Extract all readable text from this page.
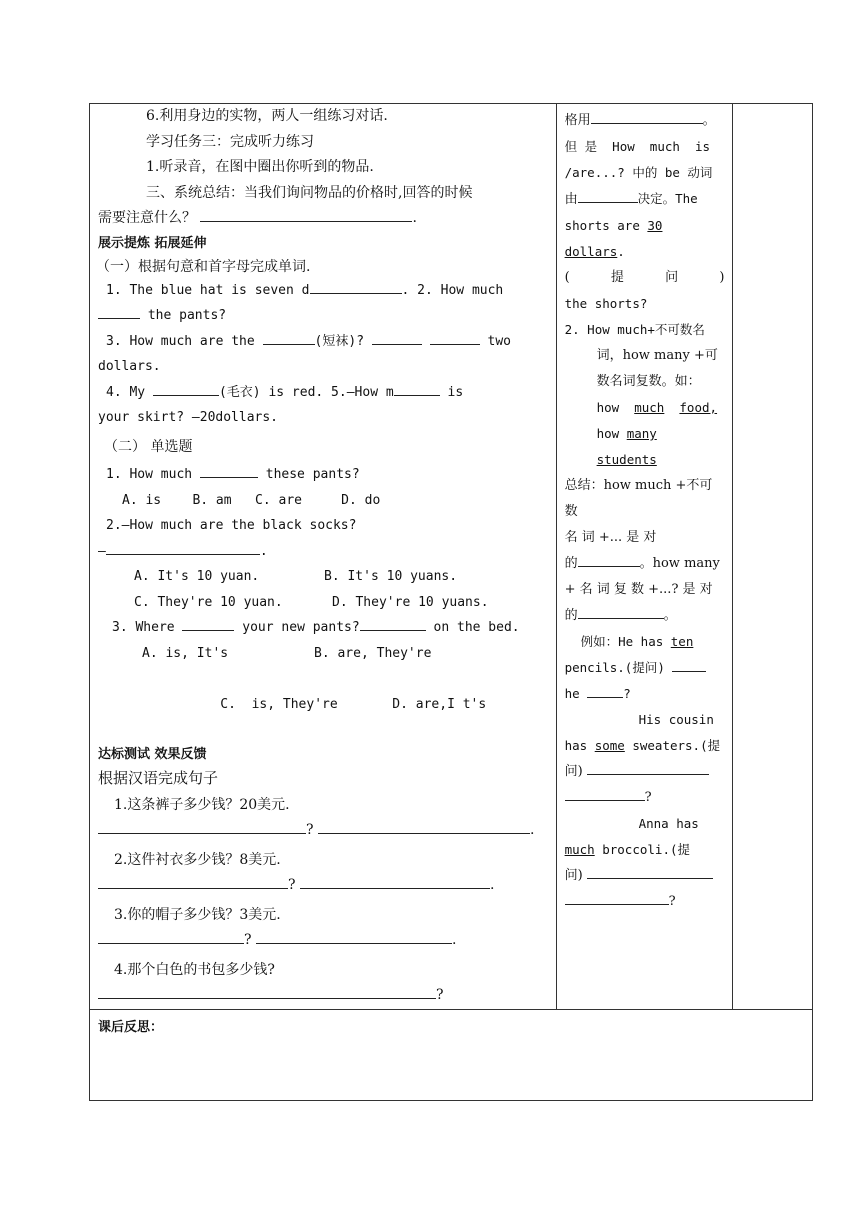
6.利用身边的实物，两人一组练习对话.
学习任务三：完成听力练习
1.听录音，在图中圈出你听到的物品.
三、系统总结：当我们询问物品的价格时,回答的时候
需要注意什么？	.
展示提炼 拓展延伸
（一）根据句意和首字母完成单词.
1. The blue hat is seven d	. 2. How much
the pants?
3. How much are the	(短袜)?	two
dollars.
4. My	(毛衣) is red. 5.—How m	is
your skirt? —20dollars.
（二） 单选题
1. How much	these pants?
A. is    B. am   C. are     D. do
2.—How much are the black socks?
—	.
A. It's 10 yuan.	B. It's 10 yuans.
C. They're 10 yuan.	D. They're 10 yuans.
3. Where	your new pants?	on the bed.
A. is, It's	B. are, They're

C.  is, They're	D. are,I t's

达标测试 效果反馈
根据汉语完成句子
1.这条裤子多少钱？20美元.
?	.
2.这件衬衣多少钱？8美元.
?	.
3.你的帽子多少钱？3美元.
?	.
4.那个白色的书包多少钱?
?

格用	。

但 是  How  much  is

/are...? 中的 be 动词

由	决定。The

shorts are 30 dollars.

(	提	问	)

the shorts?

2. How much+不可数名

词，how many +可

数名词复数。如：

how much food,

how many students

总结：how much +不可数

名 词 +... 是 对

的	。how many

+ 名 词 复 数 +...? 是 对

的	。

例如：He has ten

pencils.(提问)

he	?

His cousin

has some sweaters.(提

问)

?

Anna has

much broccoli.(提

问)

?

课后反思：
